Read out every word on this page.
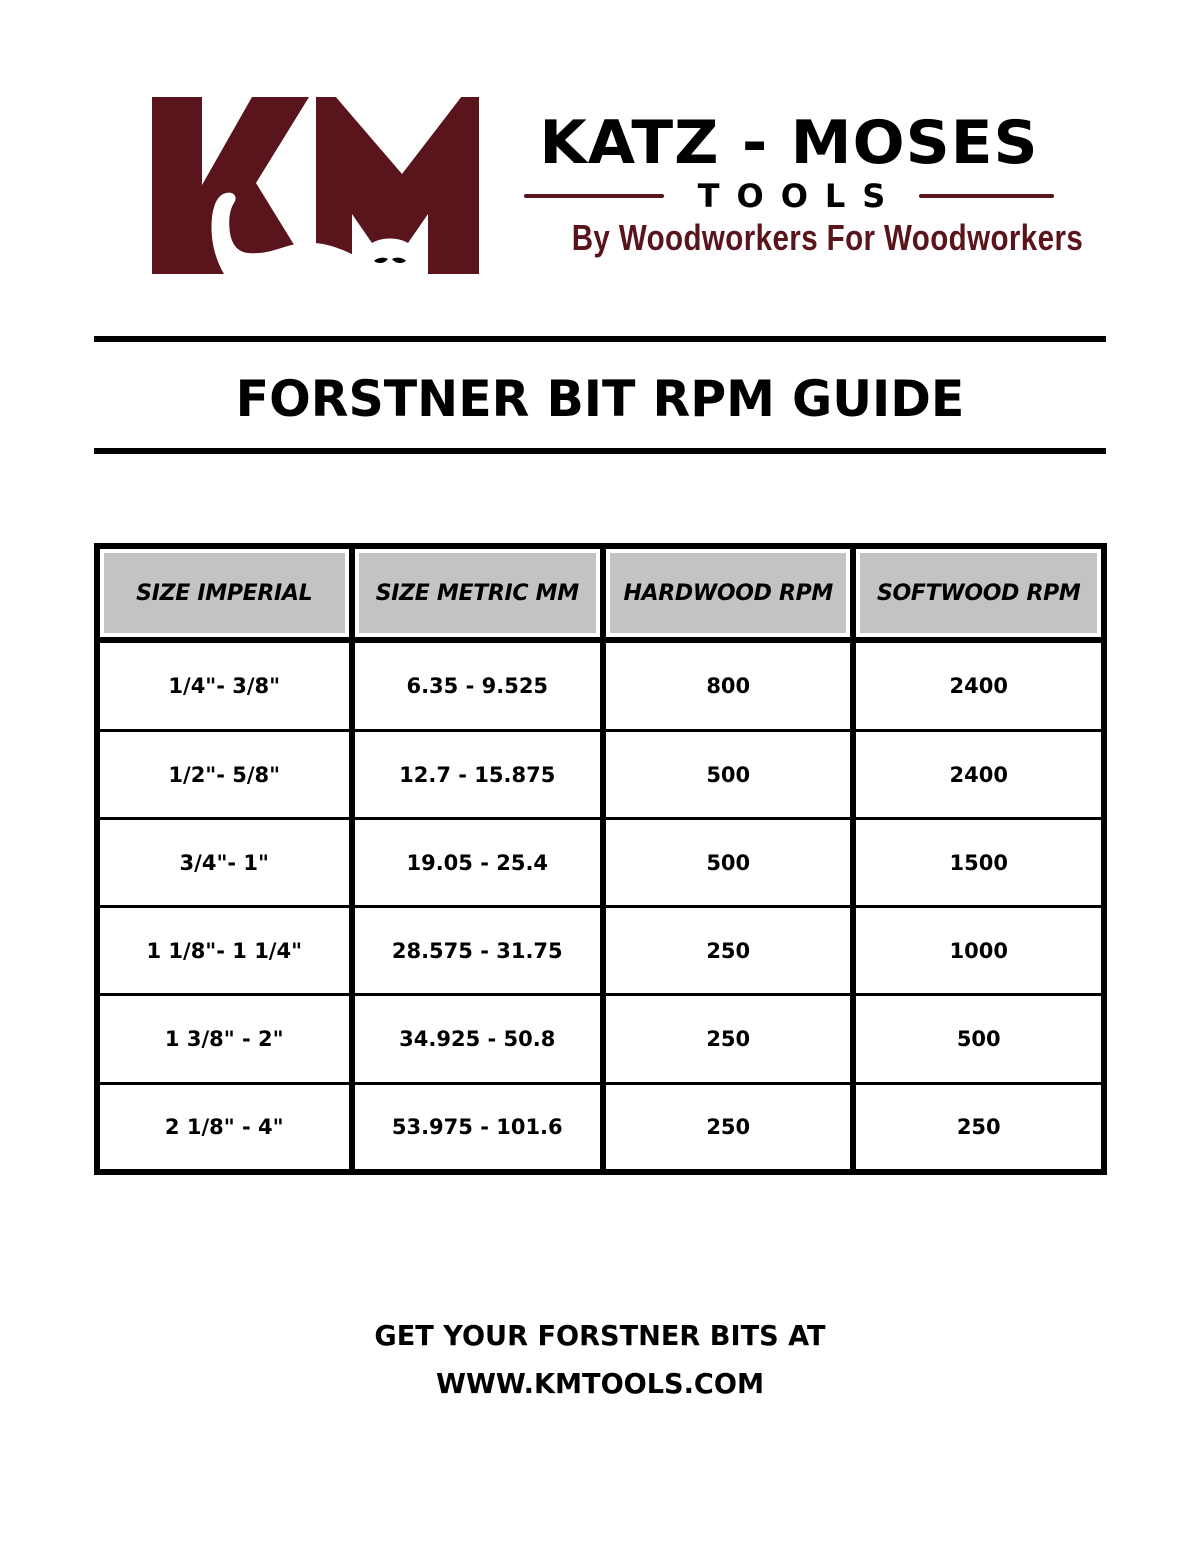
KATZ - MOSES
TOOLS
By Woodworkers For Woodworkers
FORSTNER BIT RPM GUIDE
SIZE IMPERIAL	SIZE METRIC MM	HARDWOOD RPM	SOFTWOOD RPM
1/4"- 3/8"	6.35 - 9.525	800	2400
1/2"- 5/8"	12.7 - 15.875	500	2400
3/4"- 1"	19.05 - 25.4	500	1500
1 1/8"- 1 1/4"	28.575 - 31.75	250	1000
1 3/8" - 2"	34.925 - 50.8	250	500
2 1/8" - 4"	53.975 - 101.6	250	250
GET YOUR FORSTNER BITS AT
WWW.KMTOOLS.COM
